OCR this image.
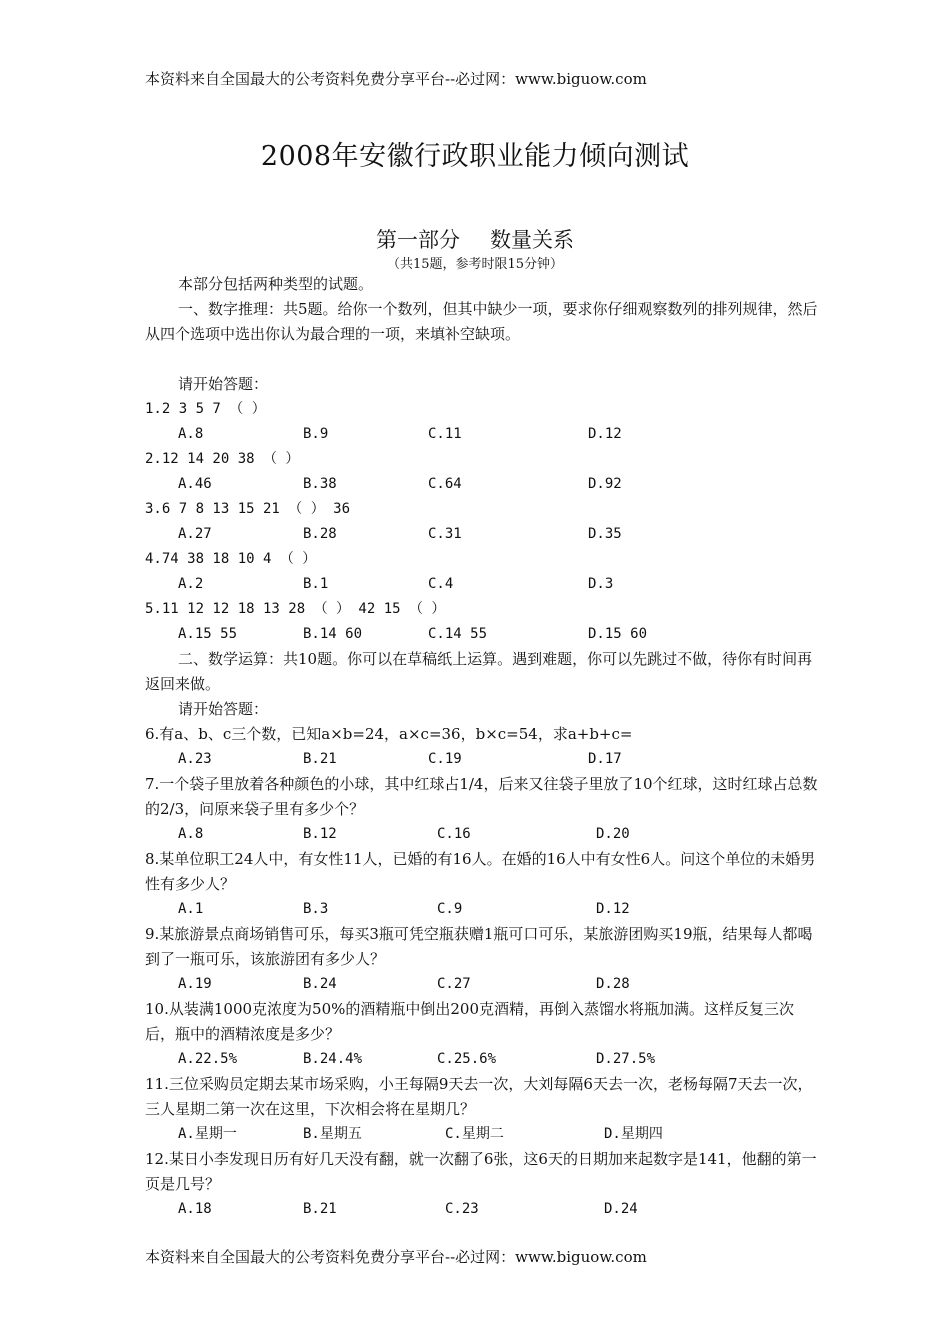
本资料来自全国最大的公考资料免费分享平台--必过网：www.biguow.com
2008年安徽行政职业能力倾向测试
第一部分 数量关系
（共15题，参考时限15分钟）

本部分包括两种类型的试题。

一、数字推理：共5题。给你一个数列，但其中缺少一项，要求你仔细观察数列的排列规律，然后从四个选项中选出你认为最合理的一项，来填补空缺项。

请开始答题：

1.2 3 5 7 （ ）

A.8	B.9	C.11	D.12

2.12 14 20 38 （ ）

A.46	B.38	C.64	D.92

3.6 7 8 13 15 21 （ ） 36

A.27	B.28	C.31	D.35

4.74 38 18 10 4 （ ）

A.2	B.1	C.4	D.3

5.11 12 12 18 13 28 （ ） 42 15 （ ）

A.15 55	B.14 60	C.14 55	D.15 60

二、数学运算：共10题。你可以在草稿纸上运算。遇到难题，你可以先跳过不做，待你有时间再返回来做。

请开始答题：

6.有a、b、c三个数，已知a×b=24，a×c=36，b×c=54，求a+b+c=

A.23	B.21	C.19	D.17

7.一个袋子里放着各种颜色的小球，其中红球占1/4，后来又往袋子里放了10个红球，这时红球占总数的2/3，问原来袋子里有多少个？

A.8	B.12	C.16	D.20

8.某单位职工24人中，有女性11人，已婚的有16人。在婚的16人中有女性6人。问这个单位的未婚男性有多少人？

A.1	B.3	C.9	D.12

9.某旅游景点商场销售可乐，每买3瓶可凭空瓶获赠1瓶可口可乐，某旅游团购买19瓶，结果每人都喝到了一瓶可乐，该旅游团有多少人？

A.19	B.24	C.27	D.28

10.从装满1000克浓度为50%的酒精瓶中倒出200克酒精，再倒入蒸馏水将瓶加满。这样反复三次后，瓶中的酒精浓度是多少？

A.22.5%	B.24.4%	C.25.6%	D.27.5%

11.三位采购员定期去某市场采购，小王每隔9天去一次，大刘每隔6天去一次，老杨每隔7天去一次，三人星期二第一次在这里，下次相会将在星期几？

A.星期一	B.星期五	C.星期二	D.星期四

12.某日小李发现日历有好几天没有翻，就一次翻了6张，这6天的日期加来起数字是141，他翻的第一页是几号？

A.18	B.21	C.23	D.24
本资料来自全国最大的公考资料免费分享平台--必过网：www.biguow.com
